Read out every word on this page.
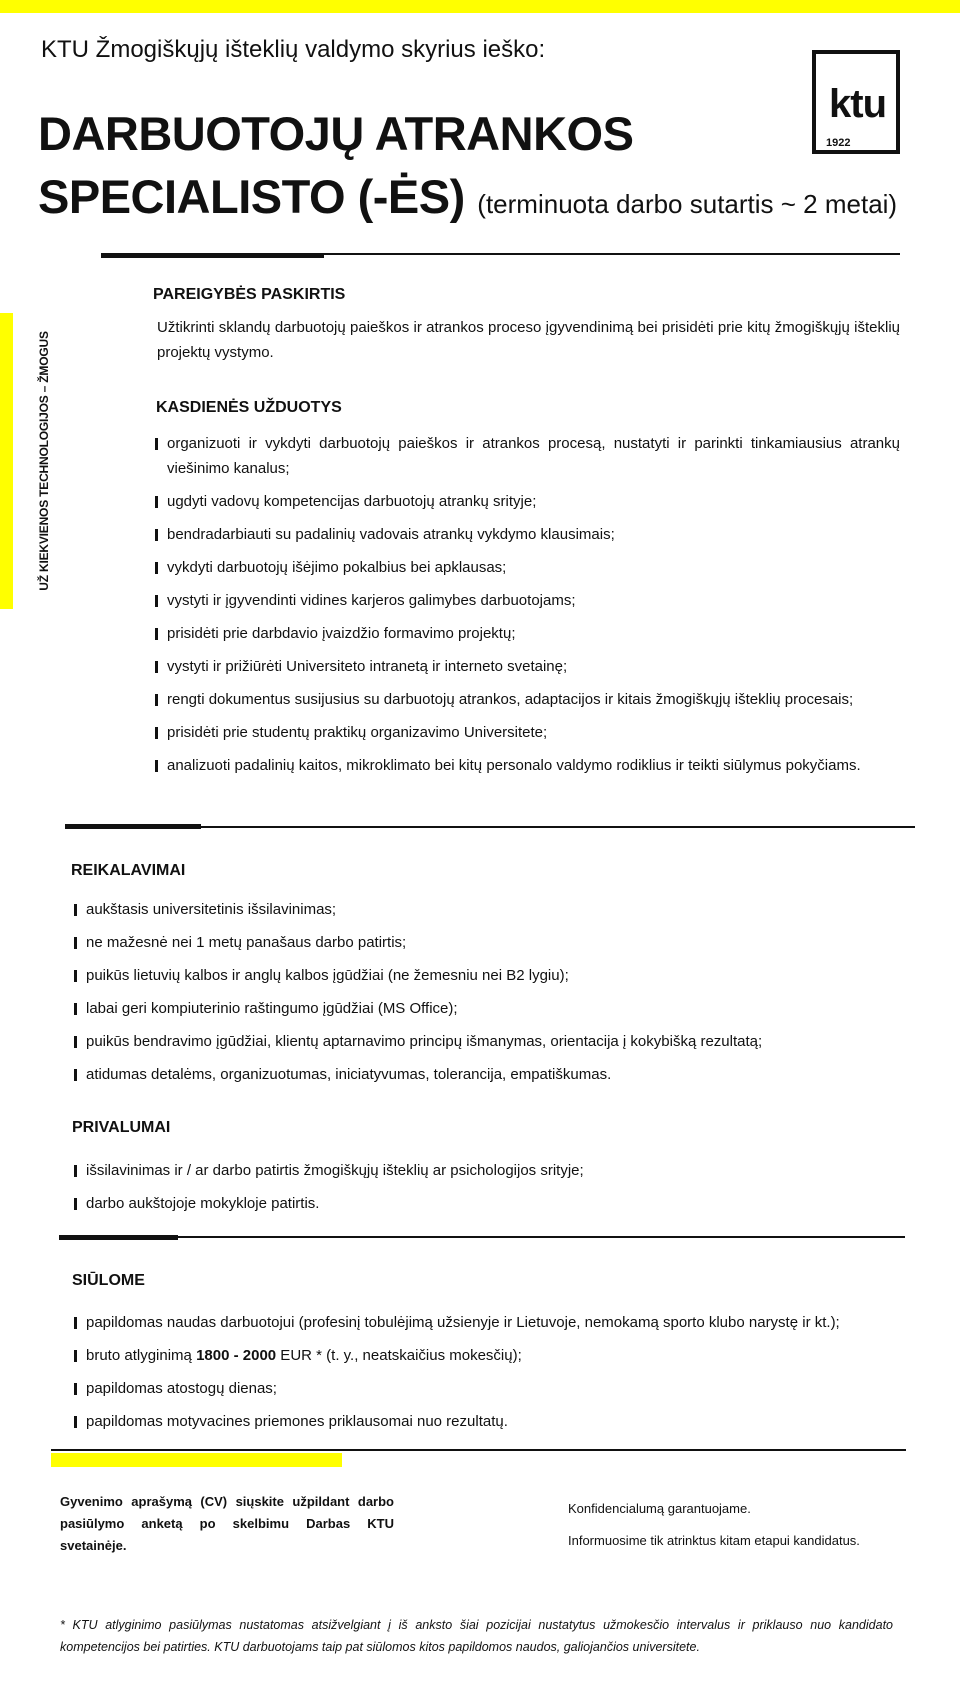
UŽ KIEKVIENOS TECHNOLOGIJOS – ŽMOGUS
KTU Žmogiškųjų išteklių valdymo skyrius ieško:
ktu
1922
DARBUOTOJŲ ATRANKOS
SPECIALISTO (-ĖS) (terminuota darbo sutartis ~ 2 metai)
PAREIGYBĖS PASKIRTIS
Užtikrinti sklandų darbuotojų paieškos ir atrankos proceso įgyvendinimą bei prisidėti prie kitų žmogiškųjų išteklių projektų vystymo.
KASDIENĖS UŽDUOTYS
organizuoti ir vykdyti darbuotojų paieškos ir atrankos procesą, nustatyti ir parinkti tinkamiausius atrankų viešinimo kanalus;
ugdyti vadovų kompetencijas darbuotojų atrankų srityje;
bendradarbiauti su padalinių vadovais atrankų vykdymo klausimais;
vykdyti darbuotojų išėjimo pokalbius bei apklausas;
vystyti ir įgyvendinti vidines karjeros galimybes darbuotojams;
prisidėti prie darbdavio įvaizdžio formavimo projektų;
vystyti ir prižiūrėti Universiteto intranetą ir interneto svetainę;
rengti dokumentus susijusius su darbuotojų atrankos, adaptacijos ir kitais žmogiškųjų išteklių procesais;
prisidėti prie studentų praktikų organizavimo Universitete;
analizuoti padalinių kaitos, mikroklimato bei kitų personalo valdymo rodiklius ir teikti siūlymus pokyčiams.
REIKALAVIMAI
aukštasis universitetinis išsilavinimas;
ne mažesnė nei 1 metų panašaus darbo patirtis;
puikūs lietuvių kalbos ir anglų kalbos įgūdžiai (ne žemesniu nei B2 lygiu);
labai geri kompiuterinio raštingumo įgūdžiai (MS Office);
puikūs bendravimo įgūdžiai, klientų aptarnavimo principų išmanymas, orientacija į kokybišką rezultatą;
atidumas detalėms, organizuotumas, iniciatyvumas, tolerancija, empatiškumas.
PRIVALUMAI
išsilavinimas ir / ar darbo patirtis žmogiškųjų išteklių ar psichologijos srityje;
darbo aukštojoje mokykloje patirtis.
SIŪLOME
papildomas naudas darbuotojui (profesinį tobulėjimą užsienyje ir Lietuvoje, nemokamą sporto klubo narystę ir kt.);
bruto atlyginimą 1800 - 2000 EUR * (t. y., neatskaičius mokesčių);
papildomas atostogų dienas;
papildomas motyvacines priemones priklausomai nuo rezultatų.
Gyvenimo aprašymą (CV) siųskite užpildant darbo pasiūlymo anketą po skelbimu Darbas KTU svetainėje.
Konfidencialumą garantuojame.
Informuosime tik atrinktus kitam etapui kandidatus.
* KTU atlyginimo pasiūlymas nustatomas atsižvelgiant į iš anksto šiai pozicijai nustatytus užmokesčio intervalus ir priklauso nuo kandidato kompetencijos bei patirties. KTU darbuotojams taip pat siūlomos kitos papildomos naudos, galiojančios universitete.
